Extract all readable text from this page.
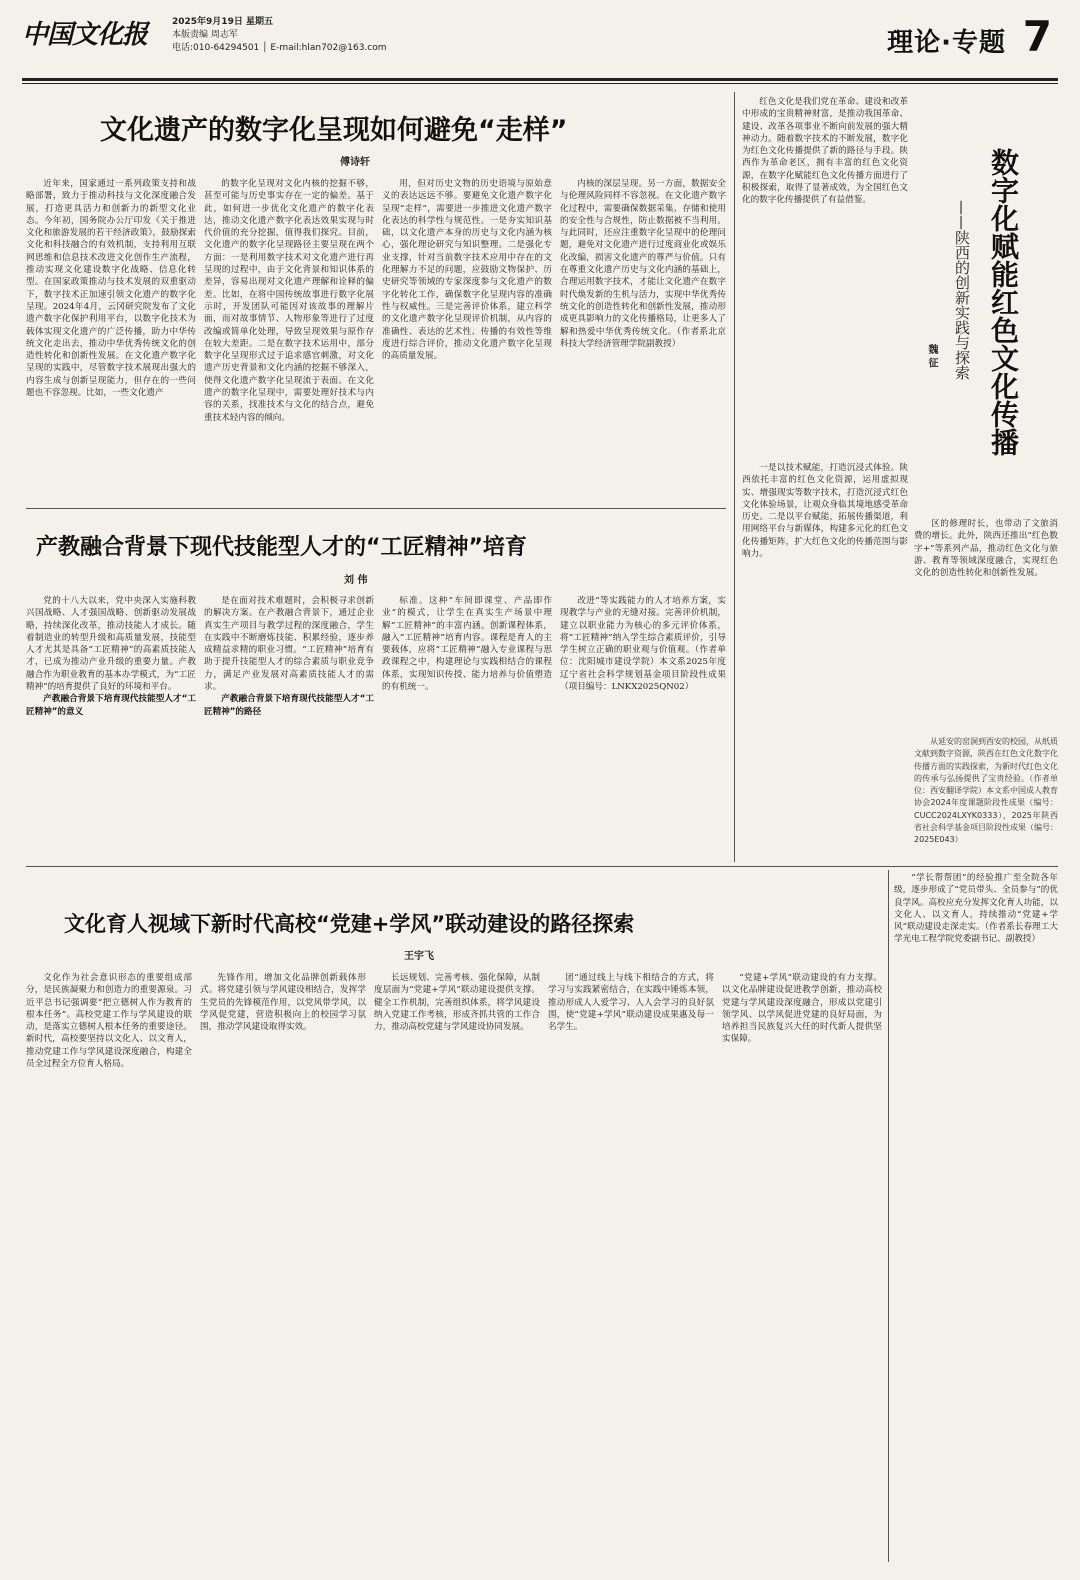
中国文化报	2025年9月19日 星期五
本版责编 周志军
电话:010-64294501 │ E-mail:hlan702@163.com	理论·专题 7
文化遗产的数字化呈现如何避免“走样”
傅诗轩

近年来，国家通过一系列政策支持和战略部署，致力于推动科技与文化深度融合发展，打造更具活力和创新力的新型文化业态。今年初，国务院办公厅印发《关于推进文化和旅游发展的若干经济政策》，鼓励探索文化和科技融合的有效机制，支持利用互联网思维和信息技术改进文化创作生产流程，推动实现文化建设数字化战略、信息化转型。在国家政策推动与技术发展的双重驱动下，数字技术正加速引领文化遗产的数字化呈现。2024年4月，云冈研究院发布了文化遗产数字化保护利用平台，以数字化技术为载体实现文化遗产的广泛传播，助力中华传统文化走出去，推动中华优秀传统文化的创造性转化和创新性发展。在文化遗产数字化呈现的实践中，尽管数字技术展现出强大的内容生成与创新呈现能力，但存在的一些问题也不容忽视。比如，一些文化遗产

的数字化呈现对文化内核的挖掘不够，甚至可能与历史事实存在一定的偏差。基于此，如何进一步优化文化遗产的数字化表达，推动文化遗产数字化表达效果实现与时代价值的充分挖掘，值得我们探究。目前，文化遗产的数字化呈现路径主要呈现在两个方面：一是利用数字技术对文化遗产进行再呈现的过程中，由于文化背景和知识体系的差异，容易出现对文化遗产理解和诠释的偏差。比如，在将中国传统故事进行数字化展示时，开发团队可能因对该故事的理解片面，而对故事情节、人物形象等进行了过度改编或简单化处理，导致呈现效果与原作存在较大差距。二是在数字技术运用中，部分数字化呈现形式过于追求感官刺激，对文化遗产历史背景和文化内涵的挖掘不够深入，使得文化遗产数字化呈现流于表面。在文化遗产的数字化呈现中，需要处理好技术与内容的关系，找准技术与文化的结合点，避免重技术轻内容的倾向。

用，但对历史文物的历史语境与原始意义的表达远远不够。要避免文化遗产数字化呈现“走样”，需要进一步推进文化遗产数字化表达的科学性与规范性。一是夯实知识基础，以文化遗产本身的历史与文化内涵为核心，强化理论研究与知识整理。二是强化专业支撑，针对当前数字技术应用中存在的文化理解力不足的问题，应鼓励文物保护、历史研究等领域的专家深度参与文化遗产的数字化转化工作，确保数字化呈现内容的准确性与权威性。三是完善评价体系，建立科学的文化遗产数字化呈现评价机制，从内容的准确性、表达的艺术性、传播的有效性等维度进行综合评价，推动文化遗产数字化呈现的高质量发展。

内核的深层呈现。另一方面，数据安全与伦理风险同样不容忽视。在文化遗产数字化过程中，需要确保数据采集、存储和使用的安全性与合规性，防止数据被不当利用。与此同时，还应注重数字化呈现中的伦理问题，避免对文化遗产进行过度商业化或娱乐化改编，损害文化遗产的尊严与价值。只有在尊重文化遗产历史与文化内涵的基础上，合理运用数字技术，才能让文化遗产在数字时代焕发新的生机与活力，实现中华优秀传统文化的创造性转化和创新性发展，推动形成更具影响力的文化传播格局，让更多人了解和热爱中华优秀传统文化。（作者系北京科技大学经济管理学院副教授）

产教融合背景下现代技能型人才的“工匠精神”培育
刘 伟

党的十八大以来，党中央深入实施科教兴国战略、人才强国战略、创新驱动发展战略，持续深化改革，推动技能人才成长。随着制造业的转型升级和高质量发展，技能型人才尤其是具备“工匠精神”的高素质技能人才，已成为推动产业升级的重要力量。产教融合作为职业教育的基本办学模式，为“工匠精神”的培育提供了良好的环境和平台。

产教融合背景下培育现代技能型人才“工匠精神”的意义

是在面对技术难题时，会积极寻求创新的解决方案。在产教融合背景下，通过企业真实生产项目与教学过程的深度融合，学生在实践中不断磨炼技能、积累经验，逐步养成精益求精的职业习惯。“工匠精神”培育有助于提升技能型人才的综合素质与职业竞争力，满足产业发展对高素质技能人才的需求。

产教融合背景下培育现代技能型人才“工匠精神”的路径

标准。这种“车间即课堂、产品即作业”的模式，让学生在真实生产场景中理解“工匠精神”的丰富内涵。创新课程体系，融入“工匠精神”培育内容。课程是育人的主要载体，应将“工匠精神”融入专业课程与思政课程之中，构建理论与实践相结合的课程体系，实现知识传授、能力培养与价值塑造的有机统一。

改进“等实践能力的人才培养方案，实现教学与产业的无缝对接。完善评价机制，建立以职业能力为核心的多元评价体系，将“工匠精神”纳入学生综合素质评价，引导学生树立正确的职业观与价值观。（作者单位：沈阳城市建设学院）本文系2025年度辽宁省社会科学规划基金项目阶段性成果（项目编号：LNKX2025QN02）

红色文化是我们党在革命、建设和改革中形成的宝贵精神财富，是推动我国革命、建设、改革各项事业不断向前发展的强大精神动力。随着数字技术的不断发展，数字化为红色文化传播提供了新的路径与手段。陕西作为革命老区，拥有丰富的红色文化资源，在数字化赋能红色文化传播方面进行了积极探索，取得了显著成效，为全国红色文化的数字化传播提供了有益借鉴。	数字化赋能红色文化传播
——陕西的创新实践与探索
魏 征

一是以技术赋能，打造沉浸式体验。陕西依托丰富的红色文化资源，运用虚拟现实、增强现实等数字技术，打造沉浸式红色文化体验场景，让观众身临其境地感受革命历史。二是以平台赋能，拓展传播渠道，利用网络平台与新媒体，构建多元化的红色文化传播矩阵，扩大红色文化的传播范围与影响力。

区的修理时长，也带动了文旅消费的增长。此外，陕西还推出“红色数字+”等系列产品，推动红色文化与旅游、教育等领域深度融合，实现红色文化的创造性转化和创新性发展。

从延安的窑洞到西安的校园，从纸质文献到数字资源，陕西在红色文化数字化传播方面的实践探索，为新时代红色文化的传承与弘扬提供了宝贵经验。（作者单位：西安翻译学院）本文系中国成人教育协会2024年度课题阶段性成果（编号：CUCC2024LXYK0333），2025年陕西省社会科学基金项目阶段性成果（编号：2025E043）

文化育人视域下新时代高校“党建+学风”联动建设的路径探索
王宇飞

文化作为社会意识形态的重要组成部分，是民族凝聚力和创造力的重要源泉。习近平总书记强调要“把立德树人作为教育的根本任务”。高校党建工作与学风建设的联动，是落实立德树人根本任务的重要途径。新时代，高校要坚持以文化人、以文育人，推动党建工作与学风建设深度融合，构建全员全过程全方位育人格局。

先锋作用，增加文化品牌创新载体形式。将党建引领与学风建设相结合，发挥学生党员的先锋模范作用，以党风带学风，以学风促党建，营造积极向上的校园学习氛围，推动学风建设取得实效。

长远规划、完善考核、强化保障，从制度层面为“党建+学风”联动建设提供支撑。健全工作机制，完善组织体系，将学风建设纳入党建工作考核，形成齐抓共管的工作合力，推动高校党建与学风建设协同发展。

团”通过线上与线下相结合的方式，将学习与实践紧密结合，在实践中锤炼本领，推动形成人人爱学习、人人会学习的良好氛围，使“党建+学风”联动建设成果惠及每一名学生。

“党建+学风”联动建设的有力支撑。以文化品牌建设促进教学创新，推动高校党建与学风建设深度融合，形成以党建引领学风、以学风促进党建的良好局面，为培养担当民族复兴大任的时代新人提供坚实保障。

“学长帮帮团”的经验推广至全院各年级，逐步形成了“党员带头、全员参与”的优良学风。高校应充分发挥文化育人功能，以文化人、以文育人，持续推动“党建+学风”联动建设走深走实。（作者系长春理工大学光电工程学院党委副书记、副教授）
